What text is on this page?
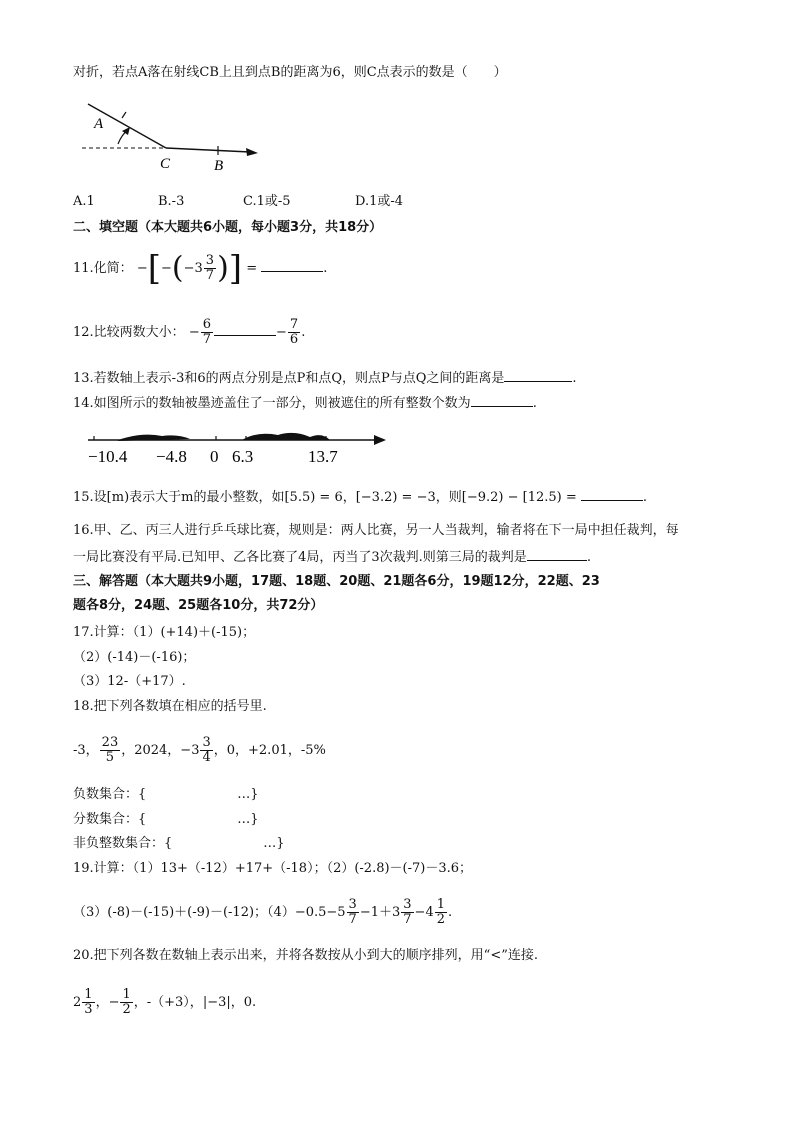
对折，若点A落在射线CB上且到点B的距离为6，则C点表示的数是（　　）
A
C	B
A.1	B.-3	C.1或-5	D.1或-4
二、填空题（本大题共6小题，每小题3分，共18分）
11.化简： $-[-(-3 \frac{3}{7}$ )] =	.
12.比较两数大小： − $\frac{6}{7}$	− $\frac{7}{6}$ .
13.若数轴上表示-3和6的两点分别是点P和点Q，则点P与点Q之间的距离是	.
14.如图所示的数轴被墨迹盖住了一部分，则被遮住的所有整数个数为	.
−10.4 −4.8 0 6.3	13.7
15.设[m)表示大于m的最小整数，如[5.5) = 6，[−3.2) = −3，则[−9.2) − [12.5) =	.
16.甲、乙、丙三人进行乒乓球比赛，规则是：两人比赛，另一人当裁判，输者将在下一局中担任裁判，每
一局比赛没有平局.已知甲、乙各比赛了4局，丙当了3次裁判.则第三局的裁判是	.
三、解答题（本大题共9小题，17题、18题、20题、21题各6分，19题12分，22题、23
题各8分，24题、25题各10分，共72分）
17.计算：（1）(+14)＋(-15)；
（2）(-14)－(-16)；
（3）12-（+17）.
18.把下列各数填在相应的括号里.
-3， $\frac{23}{5}$ ，2024，$-3 \frac{3}{4}$ ，0，+2.01，-5%
负数集合：{　　　　　　　…}
分数集合：{　　　　　　　…}
非负整数集合：{　　　　　　　…}
19.计算：（1）13+（-12）+17+（-18）；（2）(-2.8)－(-7)－3.6；
（3）(-8)－(-15)＋(-9)－(-12)；$(4)-0.5-5 \frac{3}{7} -1+3 \frac{3}{7} -4 \frac{1}{2}$ .
20.把下列各数在数轴上表示出来，并将各数按从小到大的顺序排列，用“<”连接.
$2 \frac{1}{3}$ ，− $\frac{1}{2}$ ，-（+3），|−3|，0.
